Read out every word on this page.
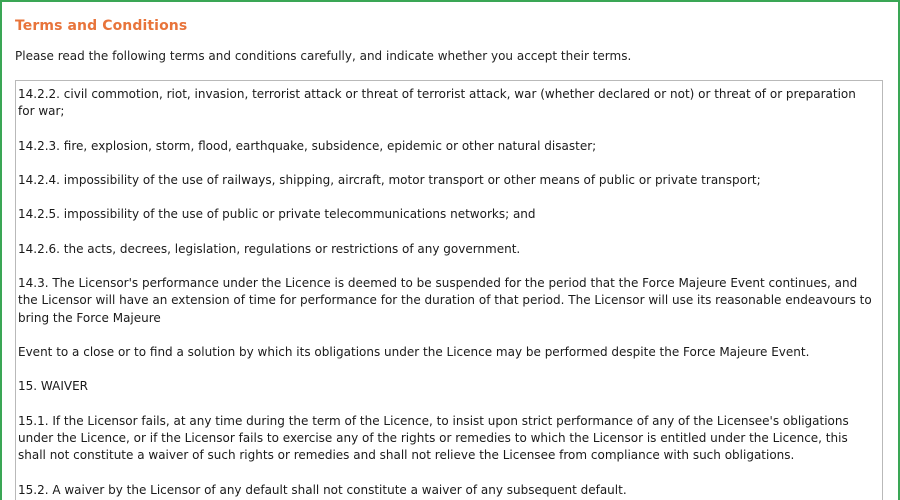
Terms and Conditions
Please read the following terms and conditions carefully, and indicate whether you accept their terms.

14.2.2. civil commotion, riot, invasion, terrorist attack or threat of terrorist attack, war (whether declared or not) or threat of or preparation for war;

14.2.3. fire, explosion, storm, flood, earthquake, subsidence, epidemic or other natural disaster;

14.2.4. impossibility of the use of railways, shipping, aircraft, motor transport or other means of public or private transport;

14.2.5. impossibility of the use of public or private telecommunications networks; and

14.2.6. the acts, decrees, legislation, regulations or restrictions of any government.

14.3. The Licensor's performance under the Licence is deemed to be suspended for the period that the Force Majeure Event continues, and the Licensor will have an extension of time for performance for the duration of that period. The Licensor will use its reasonable endeavours to bring the Force Majeure

Event to a close or to find a solution by which its obligations under the Licence may be performed despite the Force Majeure Event.

15. WAIVER

15.1. If the Licensor fails, at any time during the term of the Licence, to insist upon strict performance of any of the Licensee's obligations under the Licence, or if the Licensor fails to exercise any of the rights or remedies to which the Licensor is entitled under the Licence, this shall not constitute a waiver of such rights or remedies and shall not relieve the Licensee from compliance with such obligations.

15.2. A waiver by the Licensor of any default shall not constitute a waiver of any subsequent default.
